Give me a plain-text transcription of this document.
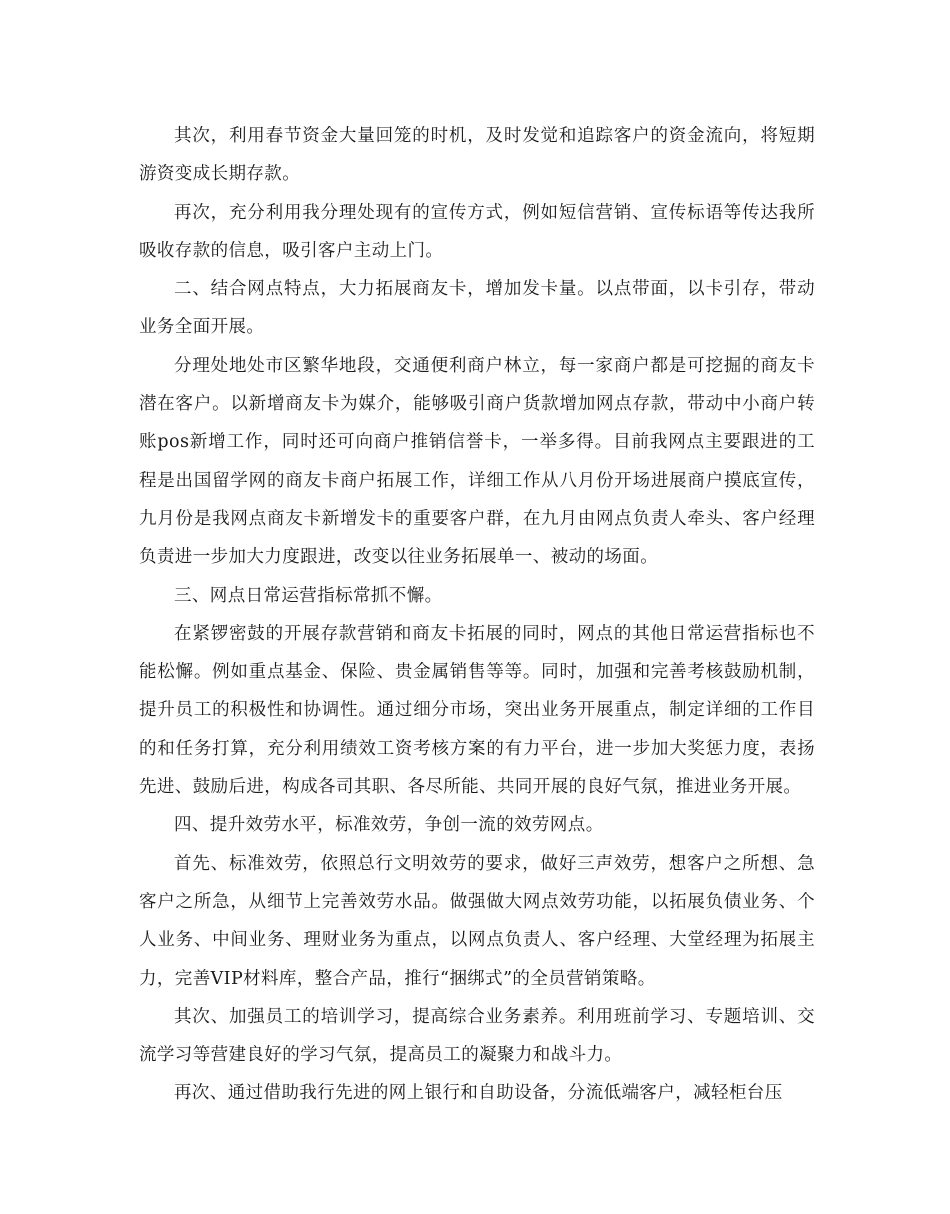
其次，利用春节资金大量回笼的时机，及时发觉和追踪客户的资金流向，将短期游资变成长期存款。

再次，充分利用我分理处现有的宣传方式，例如短信营销、宣传标语等传达我所吸收存款的信息，吸引客户主动上门。

二、结合网点特点，大力拓展商友卡，增加发卡量。以点带面，以卡引存，带动业务全面开展。

分理处地处市区繁华地段，交通便利商户林立，每一家商户都是可挖掘的商友卡潜在客户。以新增商友卡为媒介，能够吸引商户货款增加网点存款，带动中小商户转账pos新增工作，同时还可向商户推销信誉卡，一举多得。目前我网点主要跟进的工程是出国留学网的商友卡商户拓展工作，详细工作从八月份开场进展商户摸底宣传，九月份是我网点商友卡新增发卡的重要客户群，在九月由网点负责人牵头、客户经理负责进一步加大力度跟进，改变以往业务拓展单一、被动的场面。

三、网点日常运营指标常抓不懈。

在紧锣密鼓的开展存款营销和商友卡拓展的同时，网点的其他日常运营指标也不能松懈。例如重点基金、保险、贵金属销售等等。同时，加强和完善考核鼓励机制，提升员工的积极性和协调性。通过细分市场，突出业务开展重点，制定详细的工作目的和任务打算，充分利用绩效工资考核方案的有力平台，进一步加大奖惩力度，表扬先进、鼓励后进，构成各司其职、各尽所能、共同开展的良好气氛，推进业务开展。

四、提升效劳水平，标准效劳，争创一流的效劳网点。

首先、标准效劳，依照总行文明效劳的要求，做好三声效劳，想客户之所想、急客户之所急，从细节上完善效劳水品。做强做大网点效劳功能，以拓展负债业务、个人业务、中间业务、理财业务为重点，以网点负责人、客户经理、大堂经理为拓展主力，完善VIP材料库，整合产品，推行“捆绑式”的全员营销策略。

其次、加强员工的培训学习，提高综合业务素养。利用班前学习、专题培训、交流学习等营建良好的学习气氛，提高员工的凝聚力和战斗力。

再次、通过借助我行先进的网上银行和自助设备，分流低端客户，减轻柜台压
